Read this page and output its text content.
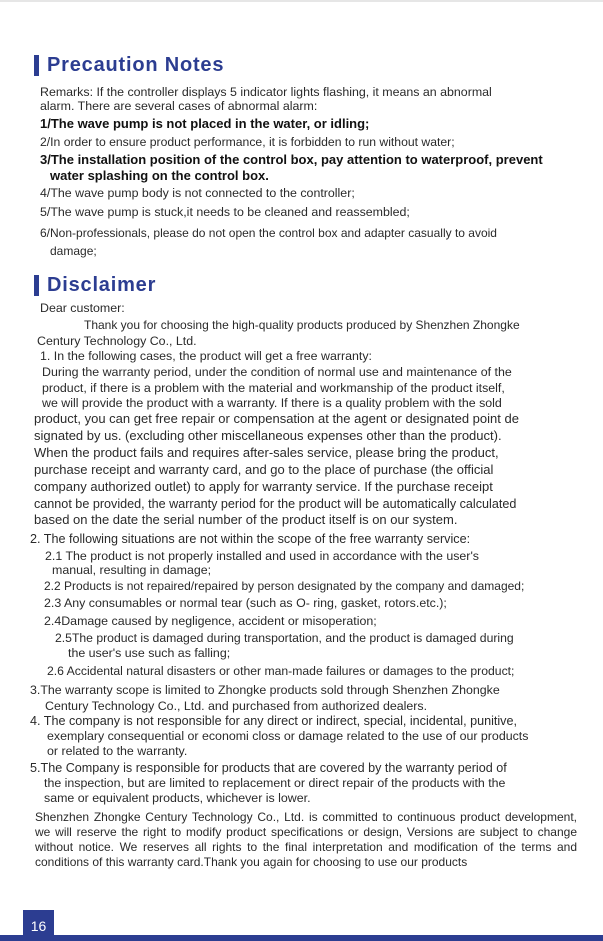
Precaution Notes
Remarks: If the controller displays 5 indicator lights flashing, it means an abnormal
alarm. There are several cases of abnormal alarm:
1/The wave pump is not placed in the water, or idling;
2/In order to ensure product performance, it is forbidden to run without water;
3/The installation position of the control box, pay attention to waterproof, prevent
water splashing on the control box.
4/The wave pump body is not connected to the controller;
5/The wave pump is stuck,it needs to be cleaned and reassembled;
6/Non-professionals, please do not open the control box and adapter casually to avoid
damage;
Disclaimer
Dear customer:
Thank you for choosing the high-quality products produced by Shenzhen Zhongke
Century Technology Co., Ltd.
1. In the following cases, the product will get a free warranty:
During the warranty period, under the condition of normal use and maintenance of the
product, if there is a problem with the material and workmanship of the product itself,
we will provide the product with a warranty. If there is a quality problem with the sold
product, you can get free repair or compensation at the agent or designated point de
signated by us. (excluding other miscellaneous expenses other than the product).
When the product fails and requires after-sales service, please bring the product,
purchase receipt and warranty card, and go to the place of purchase (the official
company authorized outlet) to apply for warranty service. If the purchase receipt
cannot be provided, the warranty period for the product will be automatically calculated
based on the date the serial number of the product itself is on our system.
2. The following situations are not within the scope of the free warranty service:
2.1 The product is not properly installed and used in accordance with the user's
manual, resulting in damage;
2.2 Products is not repaired/repaired by person designated by the company and damaged;
2.3 Any consumables or normal tear (such as O- ring, gasket, rotors.etc.);
2.4Damage caused by negligence, accident or misoperation;
2.5The product is damaged during transportation, and the product is damaged during
the user's use such as falling;
2.6 Accidental natural disasters or other man-made failures or damages to the product;
3.The warranty scope is limited to Zhongke products sold through Shenzhen Zhongke
Century Technology Co., Ltd. and purchased from authorized dealers.
4. The company is not responsible for any direct or indirect, special, incidental, punitive,
exemplary consequential or economi closs or damage related to the use of our products
or related to the warranty.
5.The Company is responsible for products that are covered by the warranty period of
the inspection, but are limited to replacement or direct repair of the products with the
same or equivalent products, whichever is lower.
Shenzhen Zhongke Century Technology Co., Ltd. is committed to continuous product development, we will reserve the right to modify product specifications or design, Versions are subject to change without notice. We reserves all rights to the final interpretation and modification of the terms and conditions of this warranty card.Thank you again for choosing to use our products
16
